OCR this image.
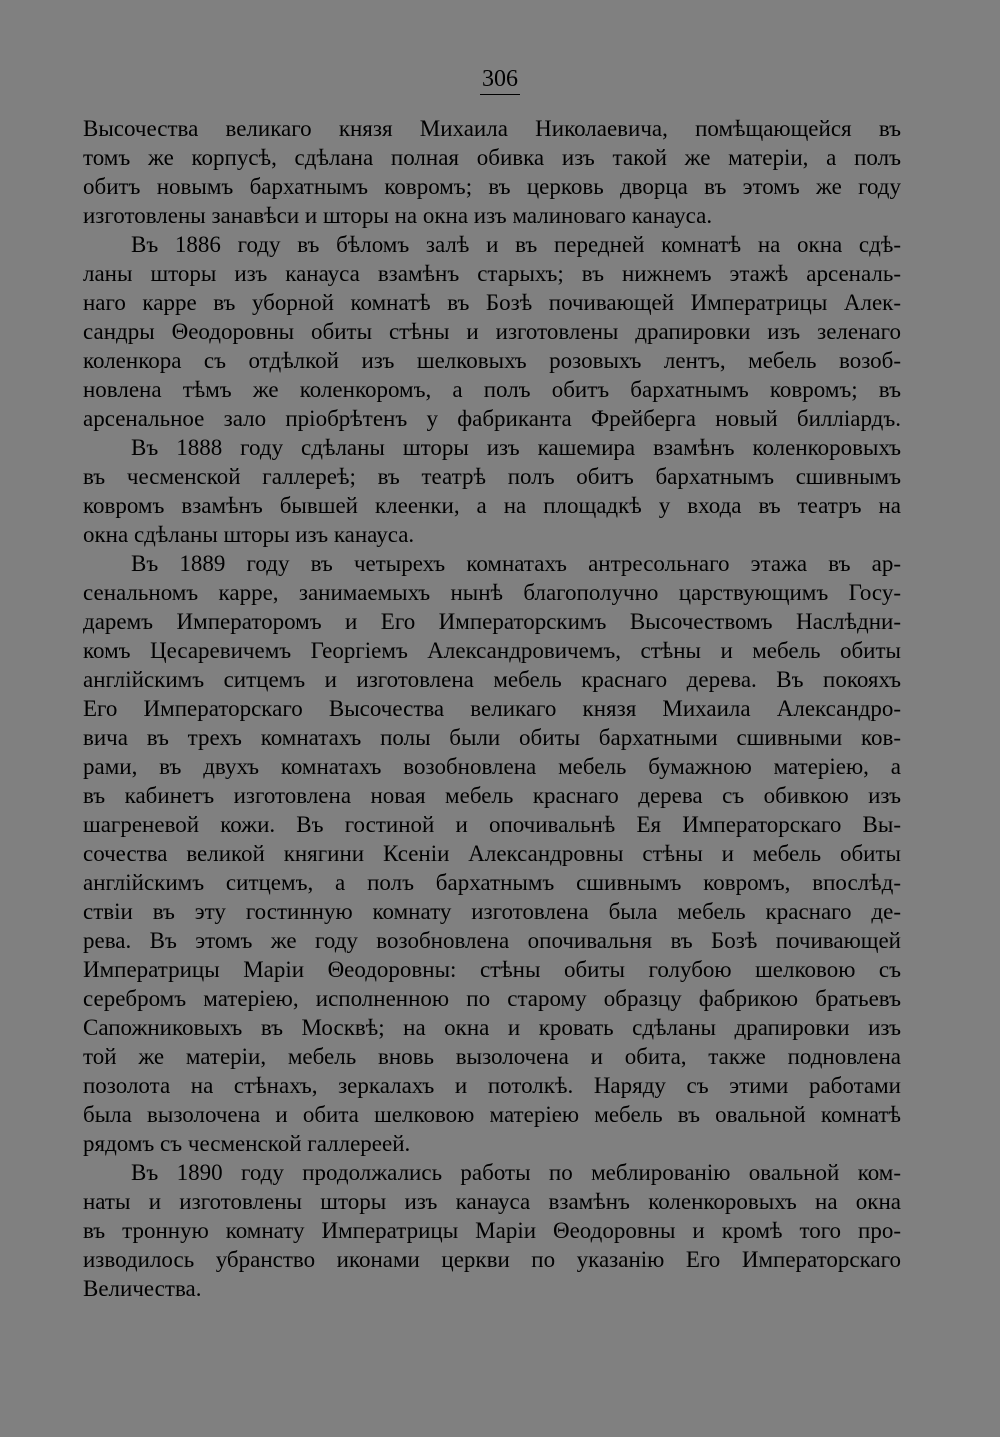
306
Высочества великаго князя Михаила Николаевича, помѣщающейся въ
томъ же корпусѣ, сдѣлана полная обивка изъ такой же матеріи, а полъ
обитъ новымъ бархатнымъ ковромъ; въ церковь дворца въ этомъ же году
изготовлены занавѣси и шторы на окна изъ малиноваго канауса.
Въ 1886 году въ бѣломъ залѣ и въ передней комнатѣ на окна сдѣ-
ланы шторы изъ канауса взамѣнъ старыхъ; въ нижнемъ этажѣ арсеналь-
наго карре въ уборной комнатѣ въ Бозѣ почивающей Императрицы Алек-
сандры Θеодоровны обиты стѣны и изготовлены драпировки изъ зеленаго
коленкора съ отдѣлкой изъ шелковыхъ розовыхъ лентъ, мебель возоб-
новлена тѣмъ же коленкоромъ, а полъ обитъ бархатнымъ ковромъ; въ
арсенальное зало пріобрѣтенъ у фабриканта Фрейберга новый билліардъ.
Въ 1888 году сдѣланы шторы изъ кашемира взамѣнъ коленкоровыхъ
въ чесменской галлереѣ; въ театрѣ полъ обитъ бархатнымъ сшивнымъ
ковромъ взамѣнъ бывшей клеенки, а на площадкѣ у входа въ театръ на
окна сдѣланы шторы изъ канауса.
Въ 1889 году въ четырехъ комнатахъ антресольнаго этажа въ ар-
сенальномъ карре, занимаемыхъ нынѣ благополучно царствующимъ Госу-
даремъ Императоромъ и Его Императорскимъ Высочествомъ Наслѣдни-
комъ Цесаревичемъ Георгіемъ Александровичемъ, стѣны и мебель обиты
англійскимъ ситцемъ и изготовлена мебель краснаго дерева. Въ покояхъ
Его Императорскаго Высочества великаго князя Михаила Александро-
вича въ трехъ комнатахъ полы были обиты бархатными сшивными ков-
рами, въ двухъ комнатахъ возобновлена мебель бумажною матеріею, а
въ кабинетъ изготовлена новая мебель краснаго дерева съ обивкою изъ
шагреневой кожи. Въ гостиной и опочивальнѣ Ея Императорскаго Вы-
сочества великой княгини Ксеніи Александровны стѣны и мебель обиты
англійскимъ ситцемъ, а полъ бархатнымъ сшивнымъ ковромъ, впослѣд-
ствіи въ эту гостинную комнату изготовлена была мебель краснаго де-
рева. Въ этомъ же году возобновлена опочивальня въ Бозѣ почивающей
Императрицы Маріи Θеодоровны: стѣны обиты голубою шелковою съ
серебромъ матеріею, исполненною по старому образцу фабрикою братьевъ
Сапожниковыхъ въ Москвѣ; на окна и кровать сдѣланы драпировки изъ
той же матеріи, мебель вновь вызолочена и обита, также подновлена
позолота на стѣнахъ, зеркалахъ и потолкѣ. Наряду съ этими работами
была вызолочена и обита шелковою матеріею мебель въ овальной комнатѣ
рядомъ съ чесменской галлереей.
Въ 1890 году продолжались работы по меблированію овальной ком-
наты и изготовлены шторы изъ канауса взамѣнъ коленкоровыхъ на окна
въ тронную комнату Императрицы Маріи Θеодоровны и кромѣ того про-
изводилось убранство иконами церкви по указанію Его Императорскаго
Величества.
